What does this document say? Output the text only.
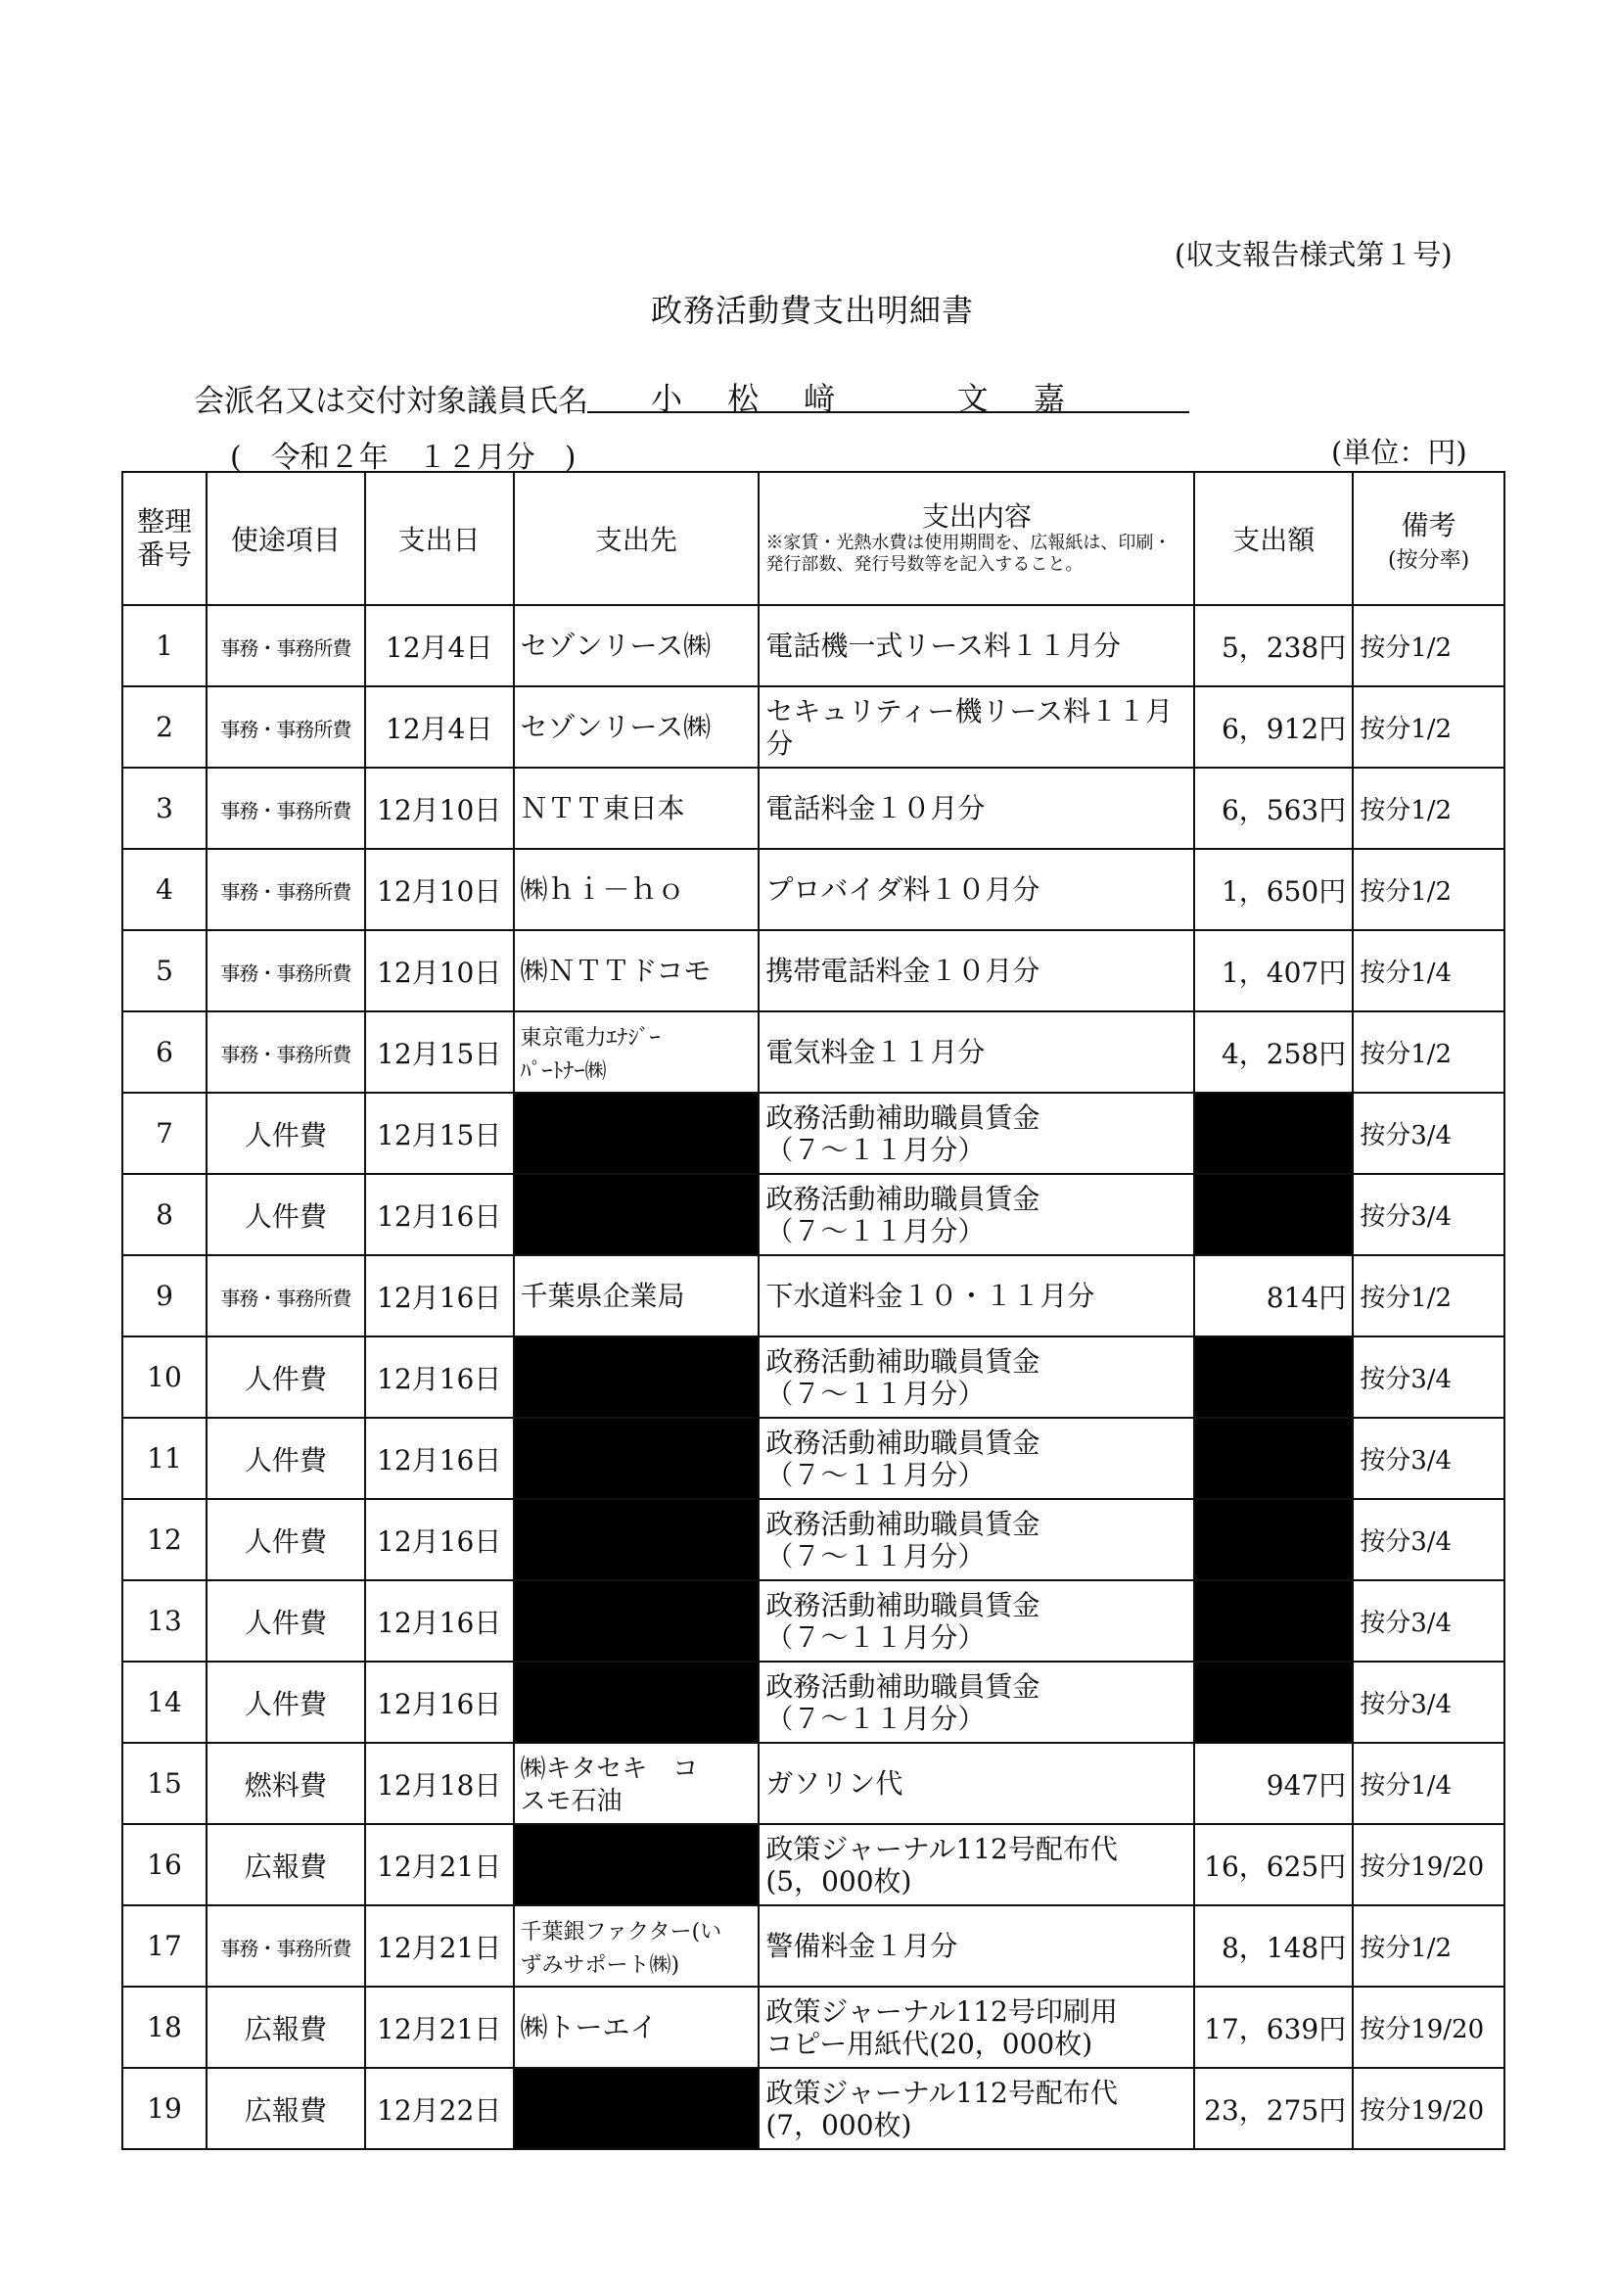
(収支報告様式第１号)
政務活動費支出明細書
会派名又は交付対象議員氏名 小 松 﨑 　 文 嘉
(　令和２年　１２月分　)	(単位：円)
整理
番号	使途項目	支出日	支出先	支出内容
※家賃・光熱水費は使用期間を、広報紙は、印刷・発行部数、発行号数等を記入すること。	支出額	備考
(按分率)

1	事務・事務所費	12月4日	セゾンリース㈱	電話機一式リース料１１月分	5，238円	按分1/2
2	事務・事務所費	12月4日	セゾンリース㈱	セキュリティー機リース料１１月
分	6，912円	按分1/2
3	事務・事務所費	12月10日	ＮＴＴ東日本	電話料金１０月分	6，563円	按分1/2
4	事務・事務所費	12月10日	㈱ｈｉ－ｈｏ	プロバイダ料１０月分	1，650円	按分1/2
5	事務・事務所費	12月10日	㈱ＮＴＴドコモ	携帯電話料金１０月分	1，407円	按分1/4
6	事務・事務所費	12月15日	東京電力ｴﾅｼﾞｰ
ﾊﾟｰﾄﾅｰ㈱	電気料金１１月分	4，258円	按分1/2
7	人件費	12月15日		政務活動補助職員賃金
（７～１１月分）		按分3/4
8	人件費	12月16日		政務活動補助職員賃金
（７～１１月分）		按分3/4
9	事務・事務所費	12月16日	千葉県企業局	下水道料金１０・１１月分	814円	按分1/2
10	人件費	12月16日		政務活動補助職員賃金
（７～１１月分）		按分3/4
11	人件費	12月16日		政務活動補助職員賃金
（７～１１月分）		按分3/4
12	人件費	12月16日		政務活動補助職員賃金
（７～１１月分）		按分3/4
13	人件費	12月16日		政務活動補助職員賃金
（７～１１月分）		按分3/4
14	人件費	12月16日		政務活動補助職員賃金
（７～１１月分）		按分3/4
15	燃料費	12月18日	㈱キタセキ　コ
スモ石油	ガソリン代	947円	按分1/4
16	広報費	12月21日		政策ジャーナル112号配布代
(5，000枚)	16，625円	按分19/20
17	事務・事務所費	12月21日	千葉銀ファクター(い
ずみサポート㈱)	警備料金１月分	8，148円	按分1/2
18	広報費	12月21日	㈱トーエイ	政策ジャーナル112号印刷用
コピー用紙代(20，000枚)	17，639円	按分19/20
19	広報費	12月22日		政策ジャーナル112号配布代
(7，000枚)	23，275円	按分19/20
